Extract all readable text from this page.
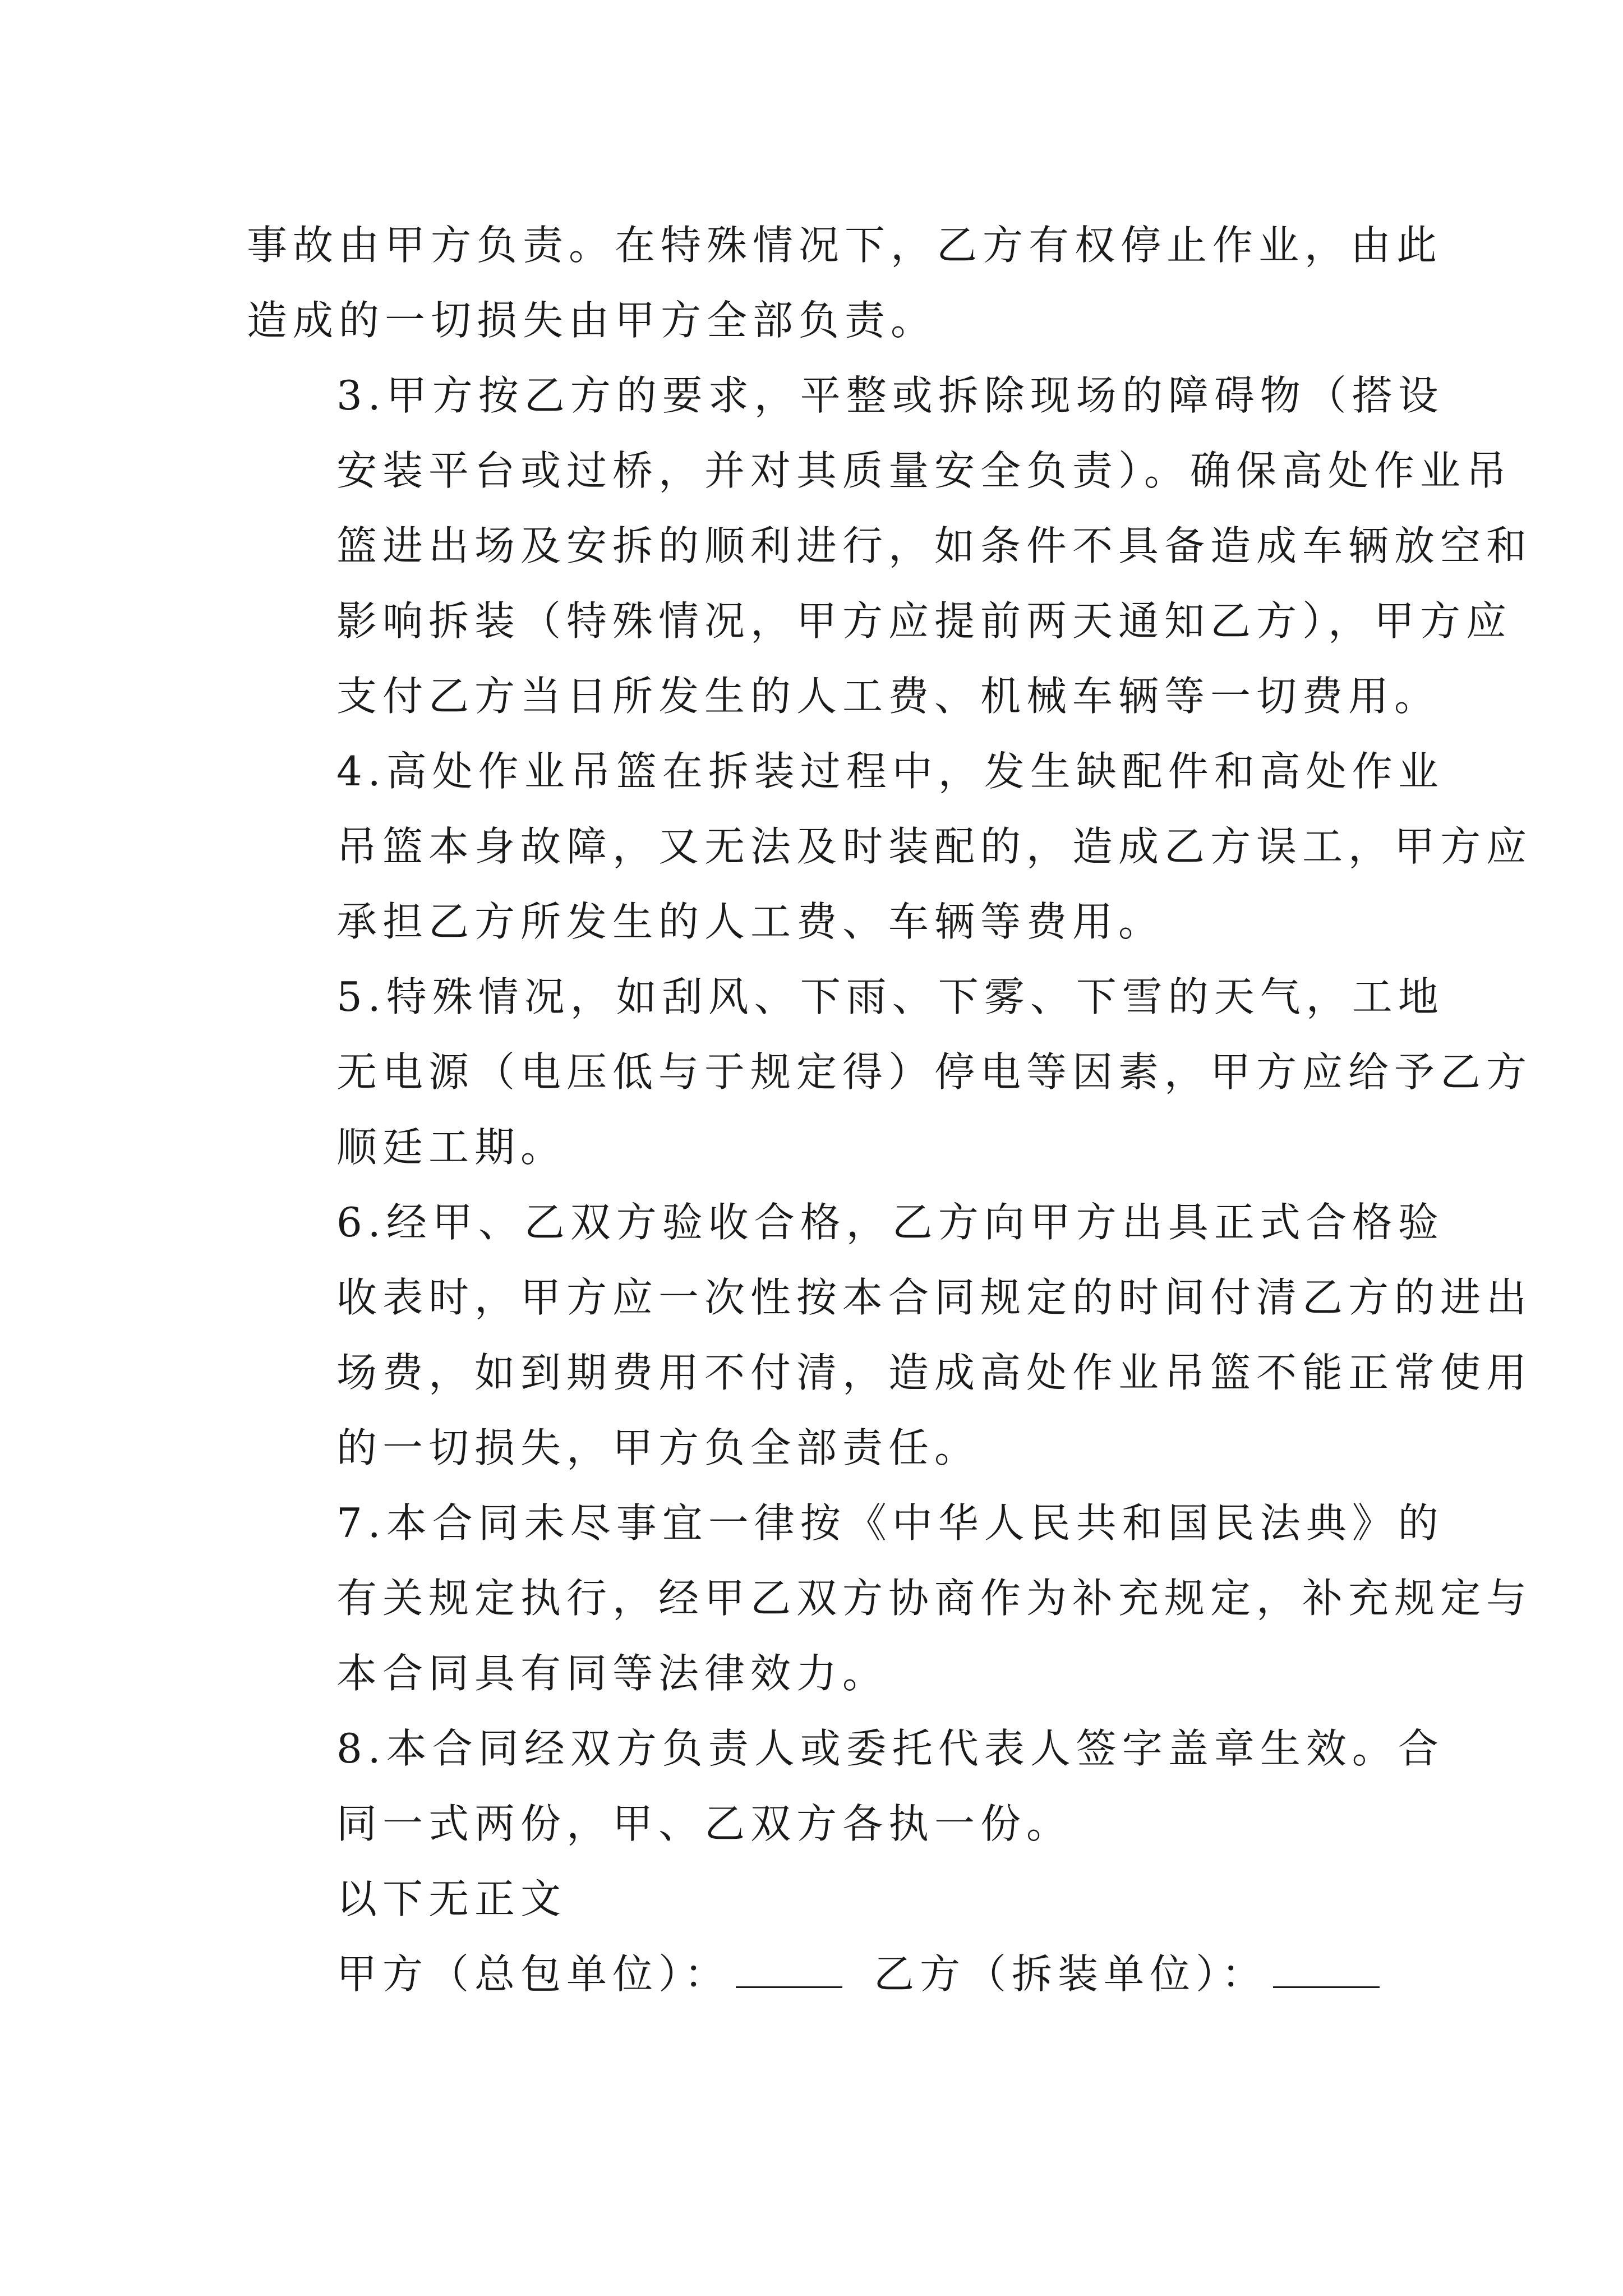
事故由甲方负责。在特殊情况下，乙方有权停止作业，由此
造成的一切损失由甲方全部负责。
3.甲方按乙方的要求，平整或拆除现场的障碍物（搭设
安装平台或过桥，并对其质量安全负责）。确保高处作业吊
篮进出场及安拆的顺利进行，如条件不具备造成车辆放空和
影响拆装（特殊情况，甲方应提前两天通知乙方），甲方应
支付乙方当日所发生的人工费、机械车辆等一切费用。
4.高处作业吊篮在拆装过程中，发生缺配件和高处作业
吊篮本身故障，又无法及时装配的，造成乙方误工，甲方应
承担乙方所发生的人工费、车辆等费用。
5.特殊情况，如刮风、下雨、下雾、下雪的天气，工地
无电源（电压低与于规定得）停电等因素，甲方应给予乙方
顺廷工期。
6.经甲、乙双方验收合格，乙方向甲方出具正式合格验
收表时，甲方应一次性按本合同规定的时间付清乙方的进出
场费，如到期费用不付清，造成高处作业吊篮不能正常使用
的一切损失，甲方负全部责任。
7.本合同未尽事宜一律按《中华人民共和国民法典》的
有关规定执行，经甲乙双方协商作为补充规定，补充规定与
本合同具有同等法律效力。
8.本合同经双方负责人或委托代表人签字盖章生效。合
同一式两份，甲、乙双方各执一份。

以下无正文

甲方（总包单位）：	乙方（拆装单位）：
